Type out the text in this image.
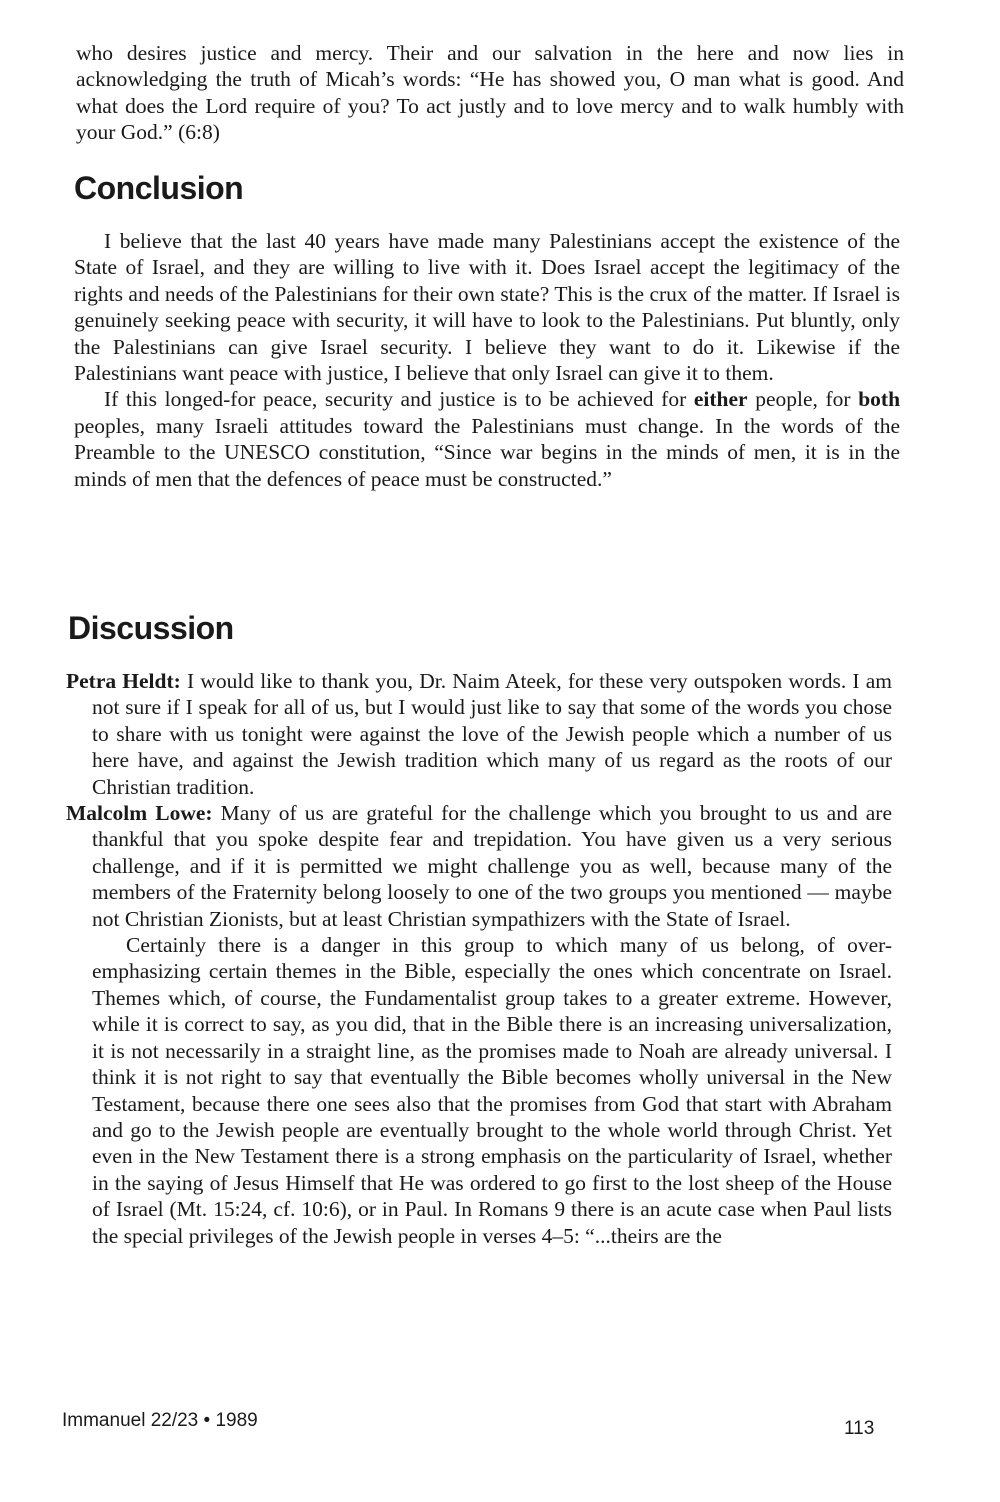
who desires justice and mercy. Their and our salvation in the here and now lies in acknowledging the truth of Micah’s words: “He has showed you, O man what is good. And what does the Lord require of you? To act justly and to love mercy and to walk humbly with your God.” (6:8)

Conclusion

I believe that the last 40 years have made many Palestinians accept the existence of the State of Israel, and they are willing to live with it. Does Israel accept the legitimacy of the rights and needs of the Palestinians for their own state? This is the crux of the matter. If Israel is genuinely seeking peace with security, it will have to look to the Palestinians. Put bluntly, only the Palestinians can give Israel security. I believe they want to do it. Likewise if the Palestinians want peace with justice, I believe that only Israel can give it to them.

If this longed-for peace, security and justice is to be achieved for either people, for both peoples, many Israeli attitudes toward the Palestinians must change. In the words of the Preamble to the UNESCO constitution, “Since war begins in the minds of men, it is in the minds of men that the defences of peace must be constructed.”

Discussion

Petra Heldt: I would like to thank you, Dr. Naim Ateek, for these very outspoken words. I am not sure if I speak for all of us, but I would just like to say that some of the words you chose to share with us tonight were against the love of the Jewish people which a number of us here have, and against the Jewish tradition which many of us regard as the roots of our Christian tradition.

Malcolm Lowe: Many of us are grateful for the challenge which you brought to us and are thankful that you spoke despite fear and trepidation. You have given us a very serious challenge, and if it is permitted we might challenge you as well, because many of the members of the Fraternity belong loosely to one of the two groups you mentioned — maybe not Christian Zionists, but at least Christian sympathizers with the State of Israel.

Certainly there is a danger in this group to which many of us belong, of over-emphasizing certain themes in the Bible, especially the ones which concentrate on Israel. Themes which, of course, the Fundamentalist group takes to a greater extreme. However, while it is correct to say, as you did, that in the Bible there is an increasing universalization, it is not necessarily in a straight line, as the promises made to Noah are already universal. I think it is not right to say that eventually the Bible becomes wholly universal in the New Testament, because there one sees also that the promises from God that start with Abraham and go to the Jewish people are eventually brought to the whole world through Christ. Yet even in the New Testament there is a strong emphasis on the particularity of Israel, whether in the saying of Jesus Himself that He was ordered to go first to the lost sheep of the House of Israel (Mt. 15:24, cf. 10:6), or in Paul. In Romans 9 there is an acute case when Paul lists the special privileges of the Jewish people in verses 4–5: “...theirs are the

Immanuel 22/23 • 1989	113
